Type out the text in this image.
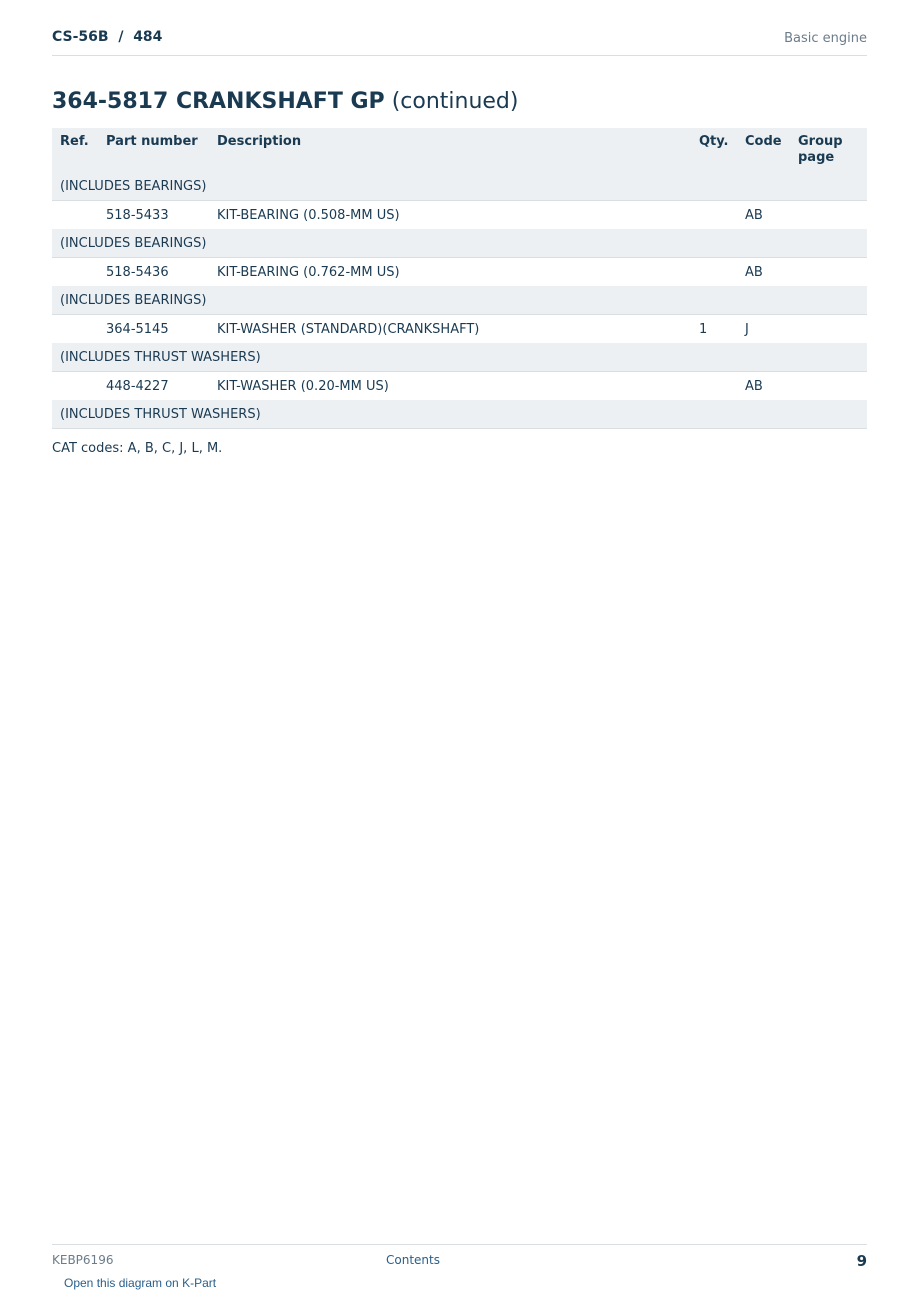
CS-56B  /  484	Basic engine
364-5817 CRANKSHAFT GP (continued)
Ref.	Part number	Description	Qty.	Code	Group page
(INCLUDES BEARINGS)					
	518-5433	KIT-BEARING (0.508-MM US)		AB	
(INCLUDES BEARINGS)					
	518-5436	KIT-BEARING (0.762-MM US)		AB	
(INCLUDES BEARINGS)					
	364-5145	KIT-WASHER (STANDARD)(CRANKSHAFT)	1	J	
(INCLUDES THRUST WASHERS)					
	448-4227	KIT-WASHER (0.20-MM US)		AB	
(INCLUDES THRUST WASHERS)					
CAT codes: A, B, C, J, L, M.
KEBP6196	Contents	9
Open this diagram on K-Part
